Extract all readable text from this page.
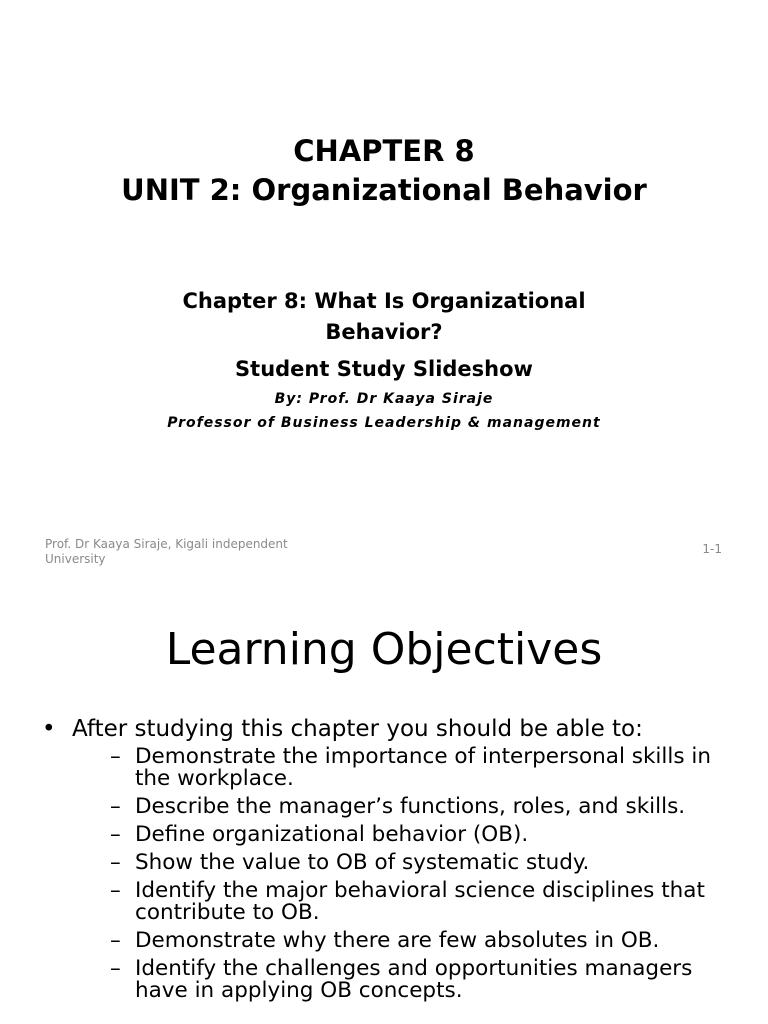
CHAPTER 8
UNIT 2: Organizational Behavior
Chapter 8: What Is Organizational Behavior?
Student Study Slideshow
By: Prof. Dr Kaaya Siraje
Professor of Business Leadership & management
Prof. Dr Kaaya Siraje, Kigali independent University
1-1
Learning Objectives
• After studying this chapter you should be able to:
– Demonstrate the importance of interpersonal skills in the workplace.
– Describe the manager’s functions, roles, and skills.
– Define organizational behavior (OB).
– Show the value to OB of systematic study.
– Identify the major behavioral science disciplines that contribute to OB.
– Demonstrate why there are few absolutes in OB.
– Identify the challenges and opportunities managers have in applying OB concepts.
